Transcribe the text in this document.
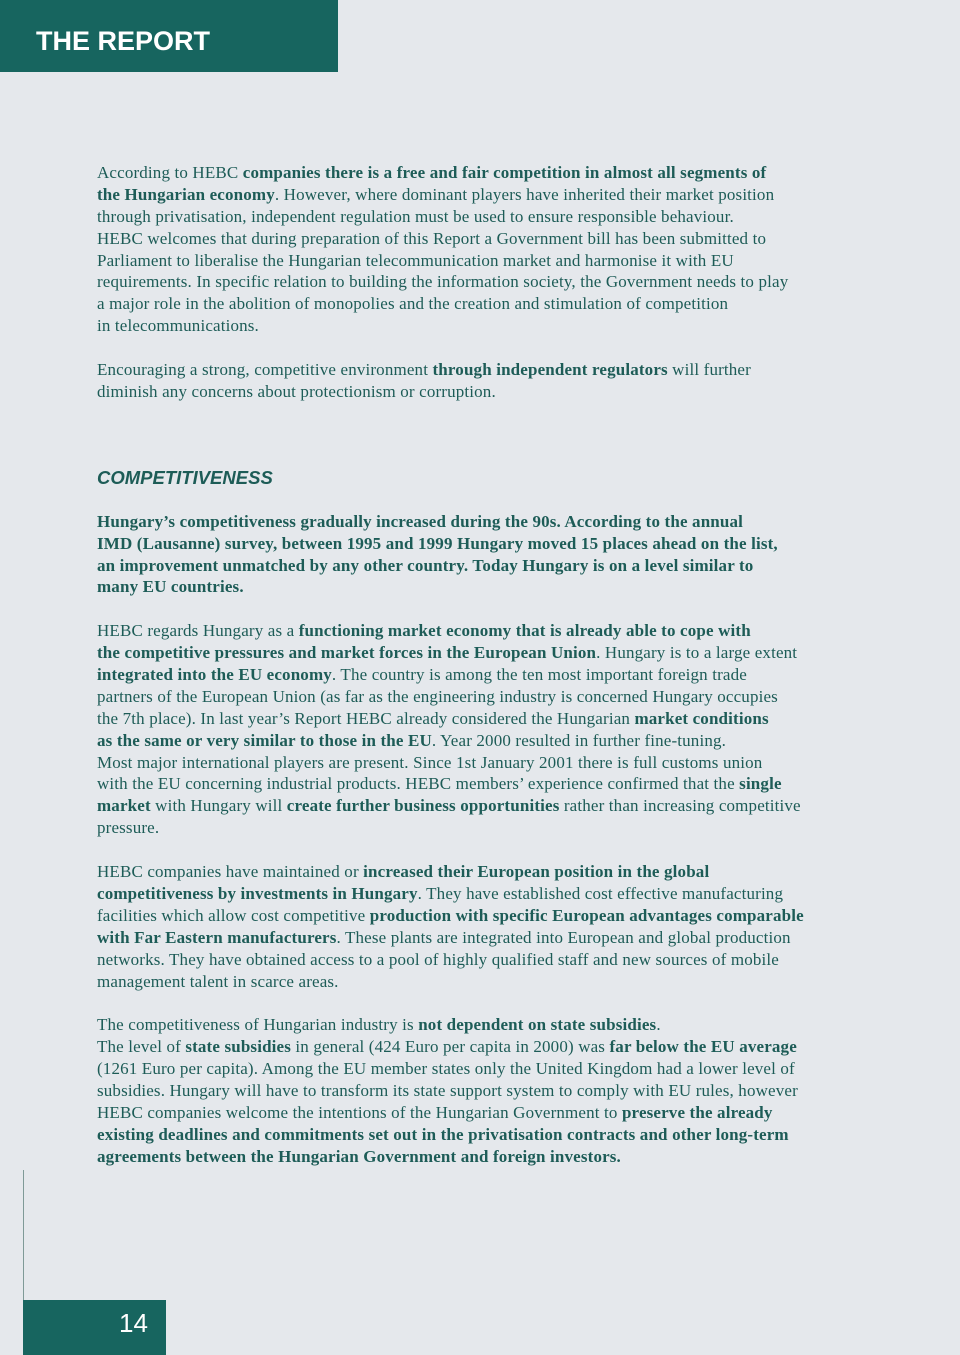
THE REPORT
According to HEBC companies there is a free and fair competition in almost all segments of
the Hungarian economy. However, where dominant players have inherited their market position
through privatisation, independent regulation must be used to ensure responsible behaviour.
HEBC welcomes that during preparation of this Report a Government bill has been submitted to
Parliament to liberalise the Hungarian telecommunication market and harmonise it with EU
requirements. In specific relation to building the information society, the Government needs to play
a major role in the abolition of monopolies and the creation and stimulation of competition
in telecommunications.
Encouraging a strong, competitive environment through independent regulators will further
diminish any concerns about protectionism or corruption.
COMPETITIVENESS
Hungary’s competitiveness gradually increased during the 90s. According to the annual
IMD (Lausanne) survey, between 1995 and 1999 Hungary moved 15 places ahead on the list,
an improvement unmatched by any other country. Today Hungary is on a level similar to
many EU countries.
HEBC regards Hungary as a functioning market economy that is already able to cope with
the competitive pressures and market forces in the European Union. Hungary is to a large extent
integrated into the EU economy. The country is among the ten most important foreign trade
partners of the European Union (as far as the engineering industry is concerned Hungary occupies
the 7th place). In last year’s Report HEBC already considered the Hungarian market conditions
as the same or very similar to those in the EU. Year 2000 resulted in further fine-tuning.
Most major international players are present. Since 1st January 2001 there is full customs union
with the EU concerning industrial products. HEBC members’ experience confirmed that the single
market with Hungary will create further business opportunities rather than increasing competitive
pressure.
HEBC companies have maintained or increased their European position in the global
competitiveness by investments in Hungary. They have established cost effective manufacturing
facilities which allow cost competitive production with specific European advantages comparable
with Far Eastern manufacturers. These plants are integrated into European and global production
networks. They have obtained access to a pool of highly qualified staff and new sources of mobile
management talent in scarce areas.
The competitiveness of Hungarian industry is not dependent on state subsidies.
The level of state subsidies in general (424 Euro per capita in 2000) was far below the EU average
(1261 Euro per capita). Among the EU member states only the United Kingdom had a lower level of
subsidies. Hungary will have to transform its state support system to comply with EU rules, however
HEBC companies welcome the intentions of the Hungarian Government to preserve the already
existing deadlines and commitments set out in the privatisation contracts and other long-term
agreements between the Hungarian Government and foreign investors.
14
